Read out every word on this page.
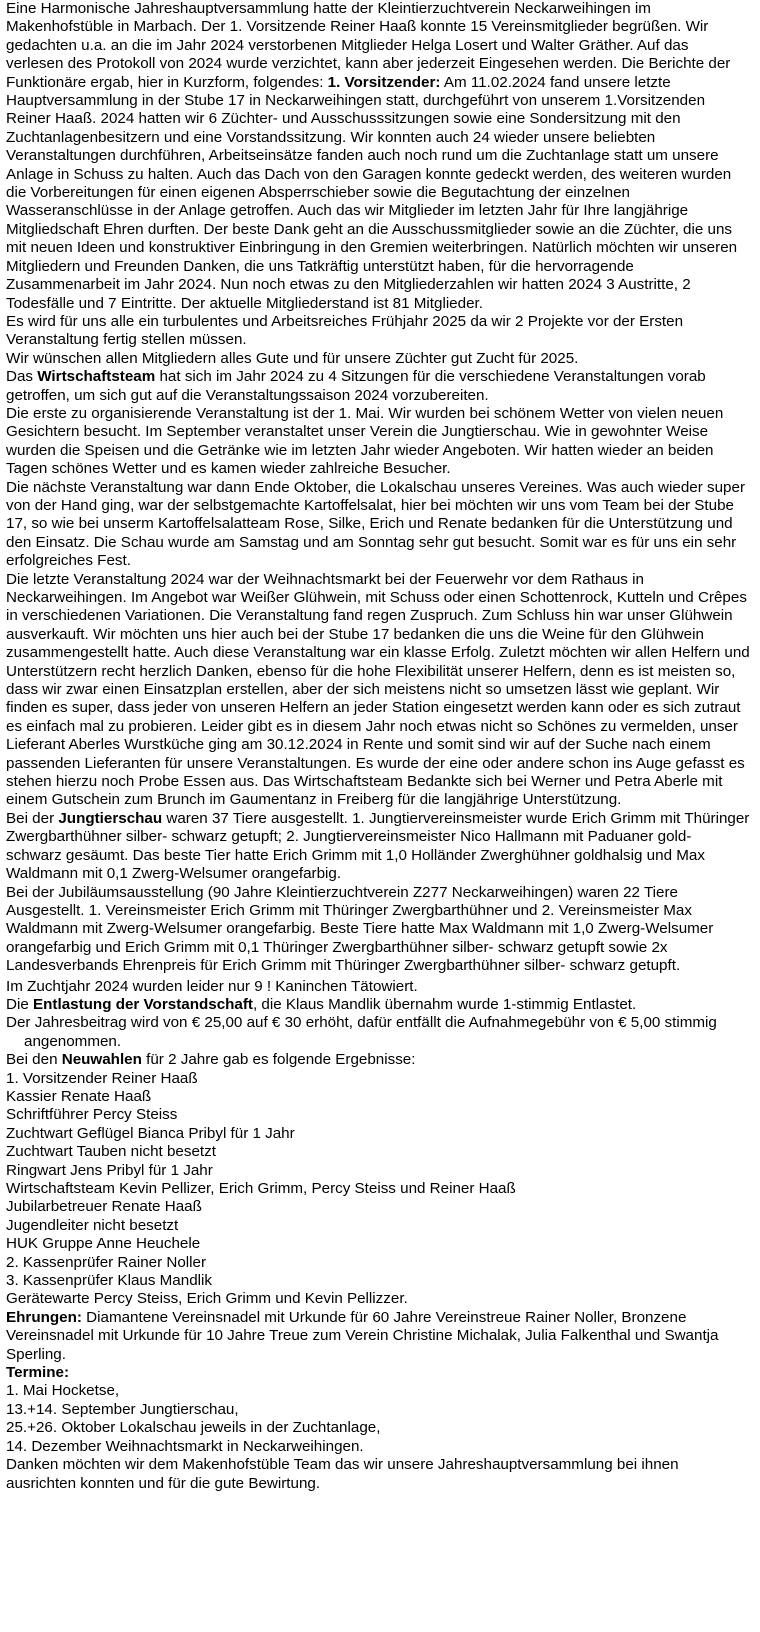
Eine Harmonische Jahreshauptversammlung hatte der Kleintierzuchtverein Neckarweihingen im Makenhofstüble in Marbach. Der 1. Vorsitzende Reiner Haaß konnte 15 Vereinsmitglieder begrüßen. Wir gedachten u.a. an die im Jahr 2024 verstorbenen Mitglieder Helga Losert und Walter Gräther. Auf das verlesen des Protokoll von 2024 wurde verzichtet, kann aber jederzeit Eingesehen werden. Die Berichte der Funktionäre ergab, hier in Kurzform, folgendes: 1. Vorsitzender: Am 11.02.2024 fand unsere letzte Hauptversammlung in der Stube 17 in Neckarweihingen statt, durchgeführt von unserem 1.Vorsitzenden Reiner Haaß. 2024 hatten wir 6 Züchter- und Ausschusssitzungen sowie eine Sondersitzung mit den Zuchtanlagenbesitzern und eine Vorstandssitzung. Wir konnten auch 24 wieder unsere beliebten Veranstaltungen durchführen, Arbeitseinsätze fanden auch noch rund um die Zuchtanlage statt um unsere Anlage in Schuss zu halten. Auch das Dach von den Garagen konnte gedeckt werden, des weiteren wurden die Vorbereitungen für einen eigenen Absperrschieber sowie die Begutachtung der einzelnen Wasseranschlüsse in der Anlage getroffen. Auch das wir Mitglieder im letzten Jahr für Ihre langjährige Mitgliedschaft Ehren durften. Der beste Dank geht an die Ausschussmitglieder sowie an die Züchter, die uns mit neuen Ideen und konstruktiver Einbringung in den Gremien weiterbringen. Natürlich möchten wir unseren Mitgliedern und Freunden Danken, die uns Tatkräftig unterstützt haben, für die hervorragende Zusammenarbeit im Jahr 2024. Nun noch etwas zu den Mitgliederzahlen wir hatten 2024 3 Austritte, 2 Todesfälle und 7 Eintritte. Der aktuelle Mitgliederstand ist 81 Mitglieder.

Es wird für uns alle ein turbulentes und Arbeitsreiches Frühjahr 2025 da wir 2 Projekte vor der Ersten Veranstaltung fertig stellen müssen.

Wir wünschen allen Mitgliedern alles Gute und für unsere Züchter gut Zucht für 2025.

Das Wirtschaftsteam hat sich im Jahr 2024 zu 4 Sitzungen für die verschiedene Veranstaltungen vorab getroffen, um sich gut auf die Veranstaltungssaison 2024 vorzubereiten.

Die erste zu organisierende Veranstaltung ist der 1. Mai. Wir wurden bei schönem Wetter von vielen neuen Gesichtern besucht. Im September veranstaltet unser Verein die Jungtierschau. Wie in gewohnter Weise wurden die Speisen und die Getränke wie im letzten Jahr wieder Angeboten. Wir hatten wieder an beiden Tagen schönes Wetter und es kamen wieder zahlreiche Besucher.

Die nächste Veranstaltung war dann Ende Oktober, die Lokalschau unseres Vereines. Was auch wieder super von der Hand ging, war der selbstgemachte Kartoffelsalat, hier bei möchten wir uns vom Team bei der Stube 17, so wie bei unserm Kartoffelsalatteam Rose, Silke, Erich und Renate bedanken für die Unterstützung und den Einsatz. Die Schau wurde am Samstag und am Sonntag sehr gut besucht. Somit war es für uns ein sehr erfolgreiches Fest.

Die letzte Veranstaltung 2024 war der Weihnachtsmarkt bei der Feuerwehr vor dem Rathaus in Neckarweihingen. Im Angebot war Weißer Glühwein, mit Schuss oder einen Schottenrock, Kutteln und Crêpes in verschiedenen Variationen. Die Veranstaltung fand regen Zuspruch. Zum Schluss hin war unser Glühwein ausverkauft. Wir möchten uns hier auch bei der Stube 17 bedanken die uns die Weine für den Glühwein zusammengestellt hatte. Auch diese Veranstaltung war ein klasse Erfolg. Zuletzt möchten wir allen Helfern und Unterstützern recht herzlich Danken, ebenso für die hohe Flexibilität unserer Helfern, denn es ist meisten so, dass wir zwar einen Einsatzplan erstellen, aber der sich meistens nicht so umsetzen lässt wie geplant. Wir finden es super, dass jeder von unseren Helfern an jeder Station eingesetzt werden kann oder es sich zutraut es einfach mal zu probieren. Leider gibt es in diesem Jahr noch etwas nicht so Schönes zu vermelden, unser Lieferant Aberles Wurstküche ging am 30.12.2024 in Rente und somit sind wir auf der Suche nach einem passenden Lieferanten für unsere Veranstaltungen. Es wurde der eine oder andere schon ins Auge gefasst es stehen hierzu noch Probe Essen aus. Das Wirtschaftsteam Bedankte sich bei Werner und Petra Aberle mit einem Gutschein zum Brunch im Gaumentanz in Freiberg für die langjährige Unterstützung.

Bei der Jungtierschau waren 37 Tiere ausgestellt. 1. Jungtiervereinsmeister wurde Erich Grimm mit Thüringer Zwergbarthühner silber- schwarz getupft; 2. Jungtiervereinsmeister Nico Hallmann mit Paduaner gold- schwarz gesäumt. Das beste Tier hatte Erich Grimm mit 1,0 Holländer Zwerghühner goldhalsig und Max Waldmann mit 0,1 Zwerg-Welsumer orangefarbig.

Bei der Jubiläumsausstellung (90 Jahre Kleintierzuchtverein Z277 Neckarweihingen) waren 22 Tiere Ausgestellt. 1. Vereinsmeister Erich Grimm mit Thüringer Zwergbarthühner und 2. Vereinsmeister Max Waldmann mit Zwerg-Welsumer orangefarbig. Beste Tiere hatte Max Waldmann mit 1,0 Zwerg-Welsumer orangefarbig und Erich Grimm mit 0,1 Thüringer Zwergbarthühner silber- schwarz getupft sowie 2x Landesverbands Ehrenpreis für Erich Grimm mit Thüringer Zwergbarthühner silber- schwarz getupft.

Im Zuchtjahr 2024 wurden leider nur 9 ! Kaninchen Tätowiert.

Die Entlastung der Vorstandschaft, die Klaus Mandlik übernahm wurde 1-stimmig Entlastet.

Der Jahresbeitrag wird von € 25,00 auf € 30 erhöht, dafür entfällt die Aufnahmegebühr von € 5,00 stimmig angenommen.

Bei den Neuwahlen für 2 Jahre gab es folgende Ergebnisse:

1. Vorsitzender Reiner Haaß

Kassier Renate Haaß

Schriftführer Percy Steiss

Zuchtwart Geflügel Bianca Pribyl für 1 Jahr

Zuchtwart Tauben nicht besetzt

Ringwart Jens Pribyl für 1 Jahr

Wirtschaftsteam Kevin Pellizer, Erich Grimm, Percy Steiss und Reiner Haaß

Jubilarbetreuer Renate Haaß

Jugendleiter nicht besetzt

HUK Gruppe Anne Heuchele

2. Kassenprüfer Rainer Noller

3. Kassenprüfer Klaus Mandlik

Gerätewarte Percy Steiss, Erich Grimm und Kevin Pellizzer.

Ehrungen: Diamantene Vereinsnadel mit Urkunde für 60 Jahre Vereinstreue Rainer Noller, Bronzene Vereinsnadel mit Urkunde für 10 Jahre Treue zum Verein Christine Michalak, Julia Falkenthal und Swantja Sperling.

Termine:

1. Mai Hocketse,

13.+14. September Jungtierschau,

25.+26. Oktober Lokalschau jeweils in der Zuchtanlage,

14. Dezember Weihnachtsmarkt in Neckarweihingen.

Danken möchten wir dem Makenhofstüble Team das wir unsere Jahreshauptversammlung bei ihnen ausrichten konnten und für die gute Bewirtung.
